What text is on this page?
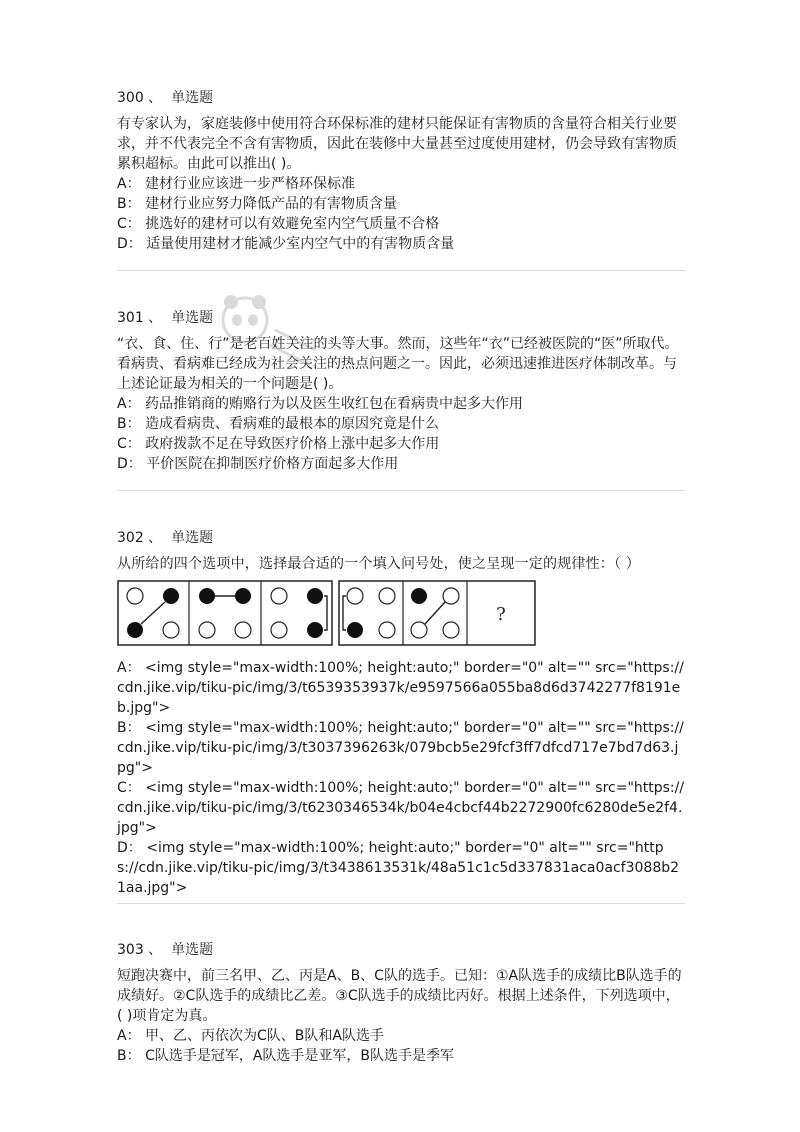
300 、 单选题
有专家认为，家庭装修中使用符合环保标准的建材只能保证有害物质的含量符合相关行业要求，并不代表完全不含有害物质，因此在装修中大量甚至过度使用建材，仍会导致有害物质累积超标。由此可以推出( )。
A： 建材行业应该进一步严格环保标准
B： 建材行业应努力降低产品的有害物质含量
C： 挑选好的建材可以有效避免室内空气质量不合格
D： 适量使用建材才能减少室内空气中的有害物质含量
301 、 单选题
“衣、食、住、行”是老百姓关注的头等大事。然而，这些年“衣”已经被医院的“医”所取代。看病贵、看病难已经成为社会关注的热点问题之一。因此，必须迅速推进医疗体制改革。与上述论证最为相关的一个问题是( )。
A： 药品推销商的贿赂行为以及医生收红包在看病贵中起多大作用
B： 造成看病贵、看病难的最根本的原因究竟是什么
C： 政府拨款不足在导致医疗价格上涨中起多大作用
D： 平价医院在抑制医疗价格方面起多大作用
302 、 单选题
从所给的四个选项中，选择最合适的一个填入问号处，使之呈现一定的规律性：（ ）
?
A： <img style="max-width:100%; height:auto;" border="0" alt="" src="https://cdn.jike.vip/tiku-pic/img/3/t6539353937k/e9597566a055ba8d6d3742277f8191eb.jpg">
B： <img style="max-width:100%; height:auto;" border="0" alt="" src="https://cdn.jike.vip/tiku-pic/img/3/t3037396263k/079bcb5e29fcf3ff7dfcd717e7bd7d63.jpg">
C： <img style="max-width:100%; height:auto;" border="0" alt="" src="https://cdn.jike.vip/tiku-pic/img/3/t6230346534k/b04e4cbcf44b2272900fc6280de5e2f4.jpg">
D： <img style="max-width:100%; height:auto;" border="0" alt="" src="https://cdn.jike.vip/tiku-pic/img/3/t3438613531k/48a51c1c5d337831aca0acf3088b21aa.jpg">
303 、 单选题
短跑决赛中，前三名甲、乙、丙是A、B、C队的选手。已知：①A队选手的成绩比B队选手的成绩好。②C队选手的成绩比乙差。③C队选手的成绩比丙好。根据上述条件，下列选项中，( )项肯定为真。
A： 甲、乙、丙依次为C队、B队和A队选手
B： C队选手是冠军，A队选手是亚军，B队选手是季军
